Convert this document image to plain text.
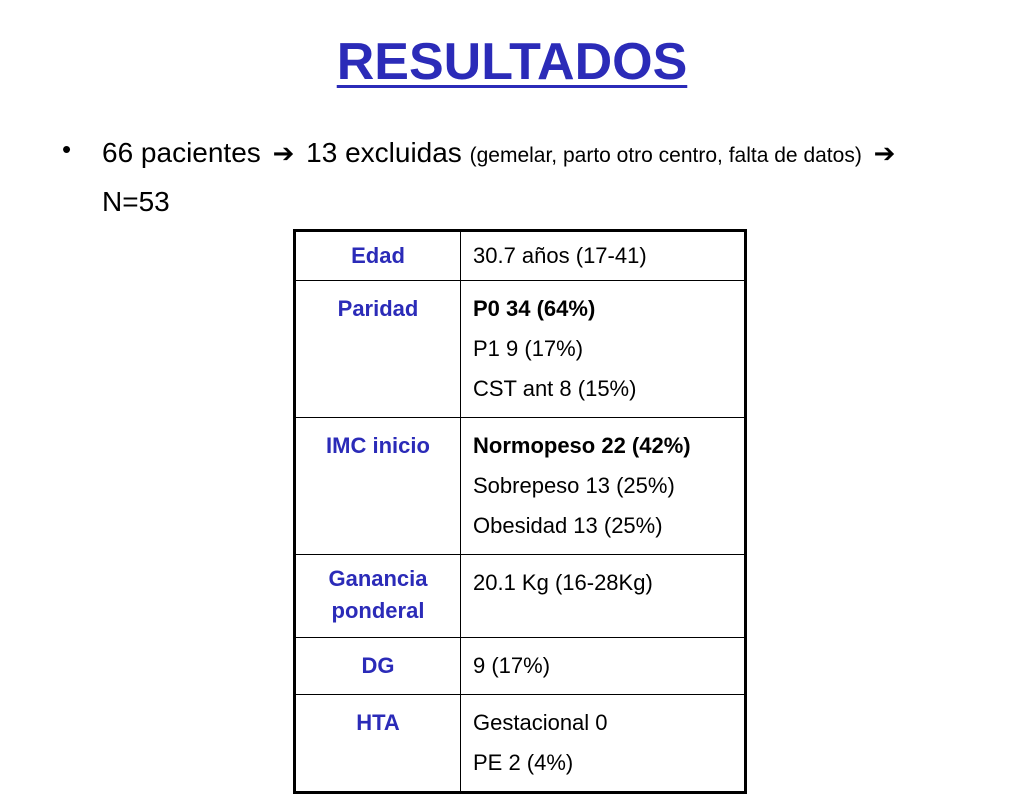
RESULTADOS
• 66 pacientes ➔ 13 excluidas (gemelar, parto otro centro, falta de datos) ➔ N=53
Edad	30.7 años (17-41)

Paridad	P0 34 (64%)
P1 9 (17%)
CST ant 8 (15%)

IMC inicio	Normopeso 22 (42%)
Sobrepeso 13 (25%)
Obesidad 13 (25%)

Ganancia
ponderal	20.1 Kg (16-28Kg)

DG	9 (17%)

HTA	Gestacional 0
PE 2 (4%)
